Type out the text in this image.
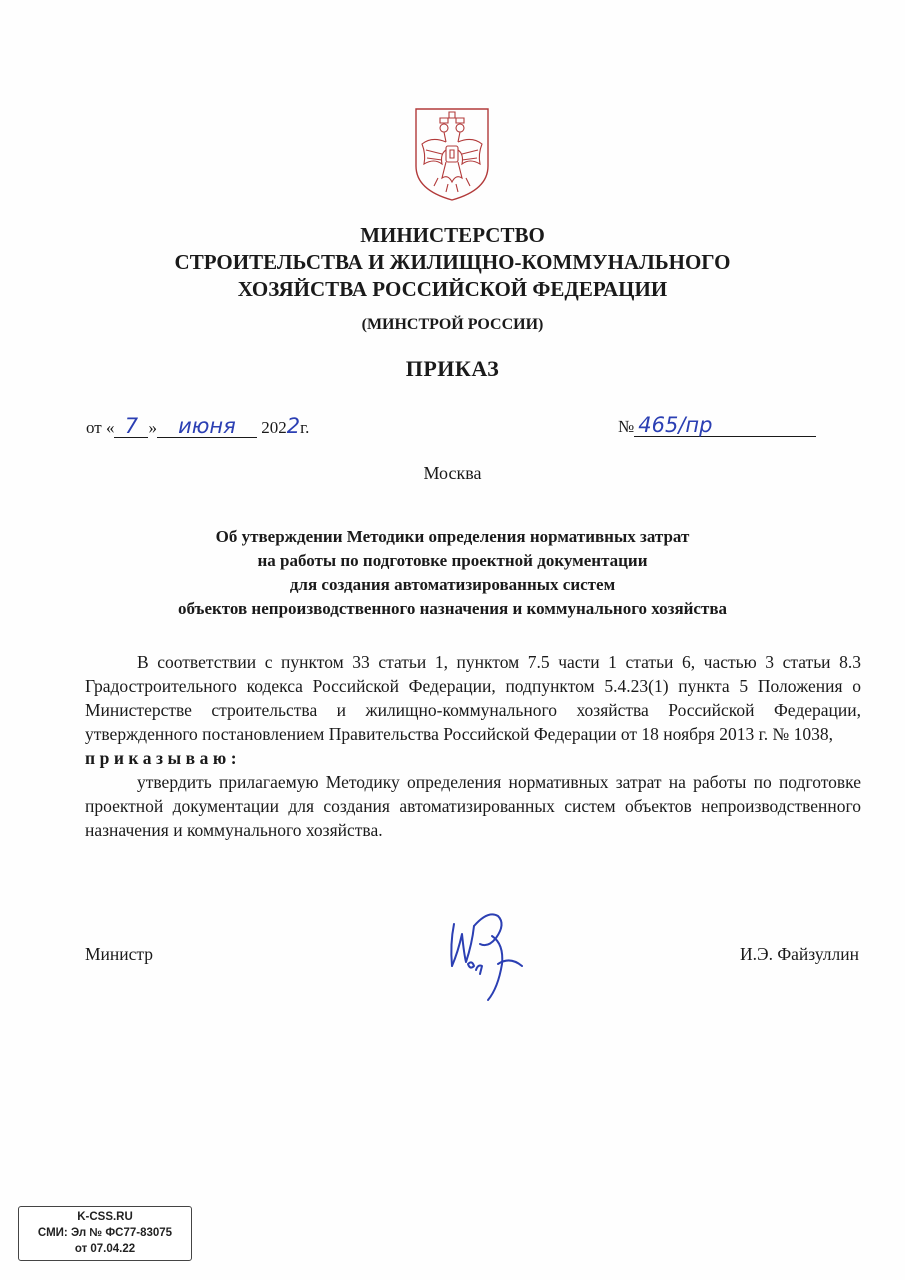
МИНИСТЕРСТВО
СТРОИТЕЛЬСТВА И ЖИЛИЩНО-КОММУНАЛЬНОГО
ХОЗЯЙСТВА РОССИЙСКОЙ ФЕДЕРАЦИИ
(МИНСТРОЙ РОССИИ)
ПРИКАЗ
от « 7 » июня 2022г.	№ 465/пр
Москва
Об утверждении Методики определения нормативных затрат
на работы по подготовке проектной документации
для создания автоматизированных систем
объектов непроизводственного назначения и коммунального хозяйства

В соответствии с пунктом 33 статьи 1, пунктом 7.5 части 1 статьи 6, частью 3 статьи 8.3 Градостроительного кодекса Российской Федерации, подпунктом 5.4.23(1) пункта 5 Положения о Министерстве строительства и жилищно-коммунального хозяйства Российской Федерации, утвержденного постановлением Правительства Российской Федерации от 18 ноября 2013 г. № 1038,

приказываю:

утвердить прилагаемую Методику определения нормативных затрат на работы по подготовке проектной документации для создания автоматизированных систем объектов непроизводственного назначения и коммунального хозяйства.

Министр	И.Э. Файзуллин
K-CSS.RU
СМИ: Эл № ФС77-83075
от 07.04.22
